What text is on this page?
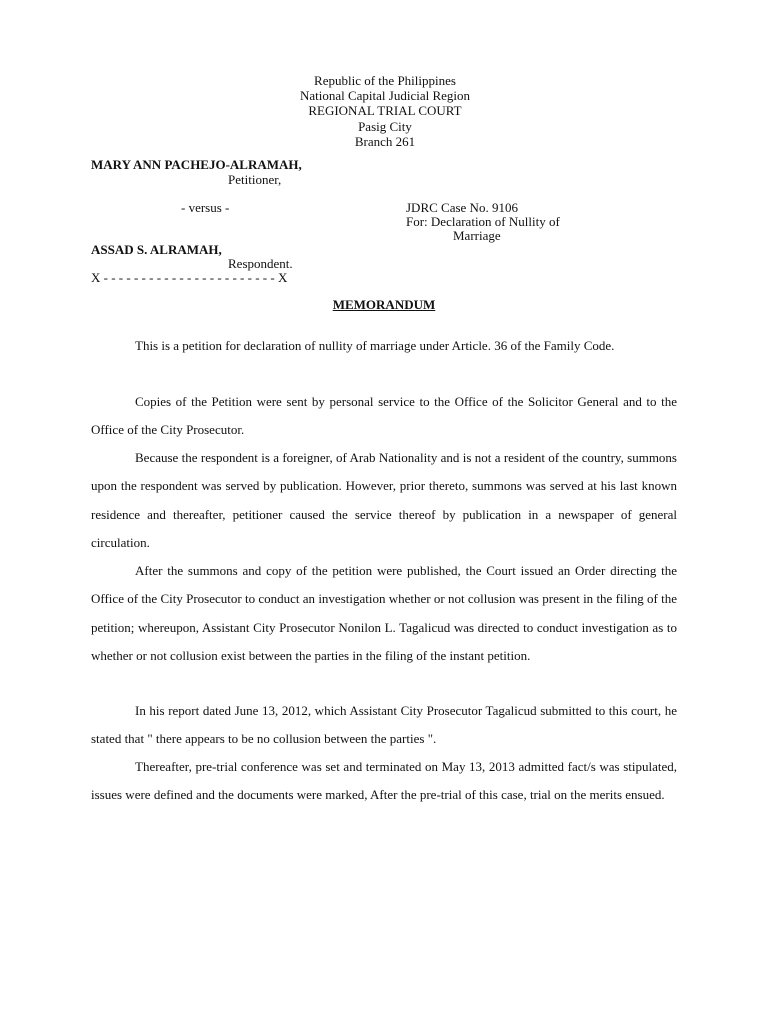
Republic of the Philippines
National Capital Judicial Region
REGIONAL TRIAL COURT
Pasig City
Branch 261
MARY ANN PACHEJO-ALRAMAH,
Petitioner,
- versus -	JDRC Case No. 9106
For: Declaration of Nullity of
Marriage
ASSAD S. ALRAMAH,
Respondent.
X - - - - - - - - - - - - - - - - - - - - - - - X
MEMORANDUM

This is a petition for declaration of nullity of marriage under Article. 36 of the Family Code.

Copies of the Petition were sent by personal service to the Office of the Solicitor General and to the Office of the City Prosecutor.

Because the respondent is a foreigner, of Arab Nationality and is not a resident of the country, summons upon the respondent was served by publication. However, prior thereto, summons was served at his last known residence and thereafter, petitioner caused the service thereof by publication in a newspaper of general circulation.

After the summons and copy of the petition were published, the Court issued an Order directing the Office of the City Prosecutor to conduct an investigation whether or not collusion was present in the filing of the petition; whereupon, Assistant City Prosecutor Nonilon L. Tagalicud was directed to conduct investigation as to whether or not collusion exist between the parties in the filing of the instant petition.

In his report dated June 13, 2012, which Assistant City Prosecutor Tagalicud submitted to this court, he stated that " there appears to be no collusion between the parties ".

Thereafter, pre-trial conference was set and terminated on May 13, 2013 admitted fact/s was stipulated, issues were defined and the documents were marked, After the pre-trial of this case, trial on the merits ensued.
